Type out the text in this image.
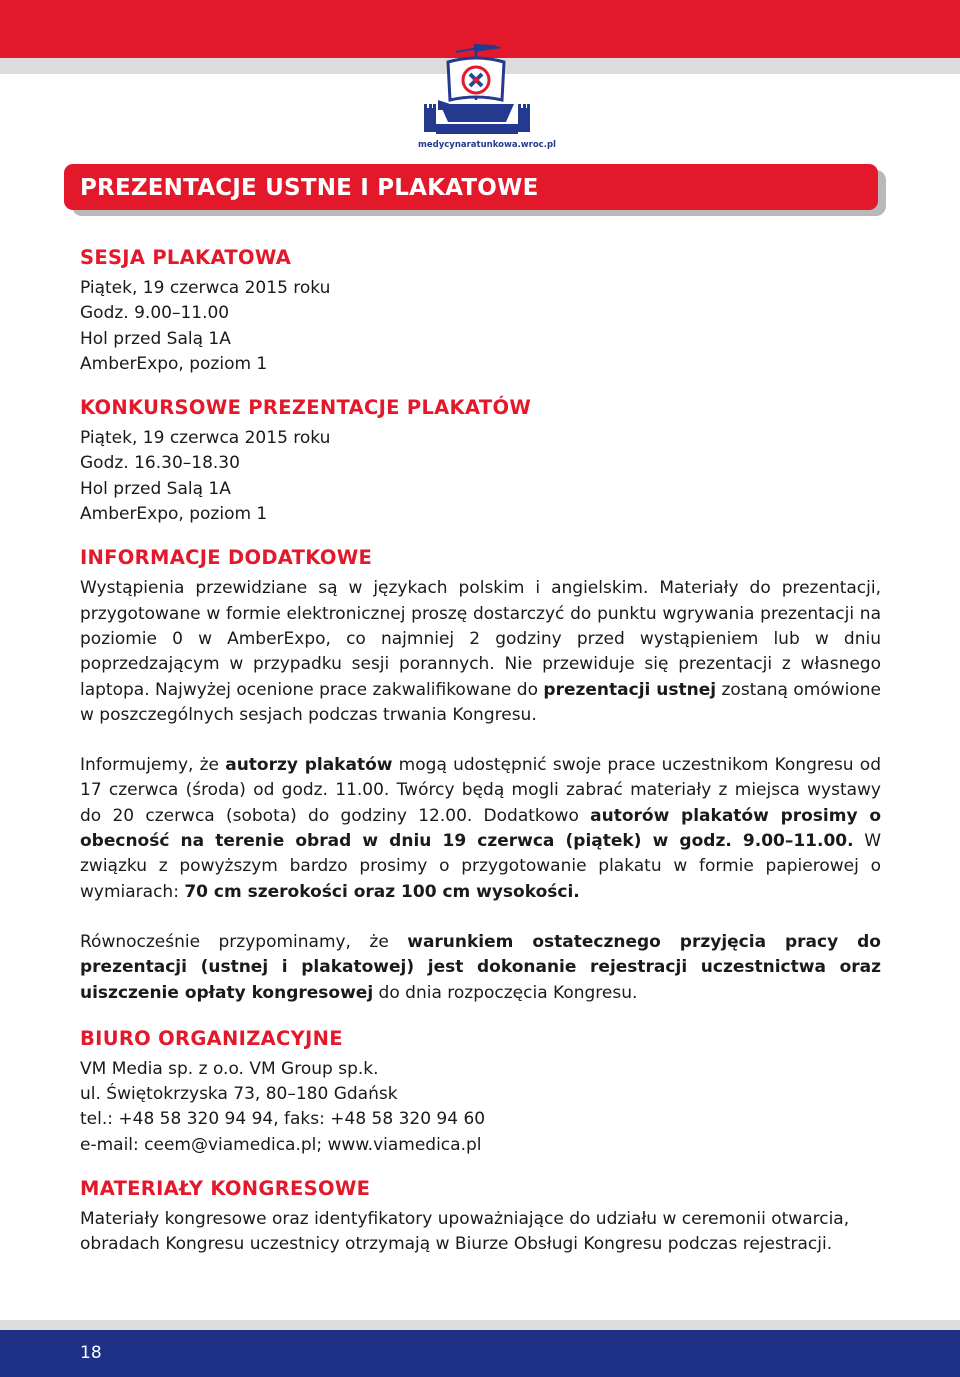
medycynaratunkowa.wroc.pl
PREZENTACJE USTNE I PLAKATOWE
SESJA PLAKATOWA

Piątek, 19 czerwca 2015 roku

Godz. 9.00–11.00

Hol przed Salą 1A

AmberExpo, poziom 1

KONKURSOWE PREZENTACJE PLAKATÓW

Piątek, 19 czerwca 2015 roku

Godz. 16.30–18.30

Hol przed Salą 1A

AmberExpo, poziom 1

INFORMACJE DODATKOWE

Wystąpienia przewidziane są w językach polskim i angielskim. Materiały do prezentacji, przygotowane w formie elektronicznej proszę dostarczyć do punktu wgrywania prezentacji na poziomie 0 w AmberExpo, co najmniej 2 godziny przed wystąpieniem lub w dniu poprzedzającym w przypadku sesji porannych. Nie przewiduje się prezentacji z własnego laptopa. Najwyżej ocenione prace zakwalifikowane do prezentacji ustnej zostaną omówione w poszczególnych sesjach podczas trwania Kongresu.

Informujemy, że autorzy plakatów mogą udostępnić swoje prace uczestnikom Kongresu od 17 czerwca (środa) od godz. 11.00. Twórcy będą mogli zabrać materiały z miejsca wystawy do 20 czerwca (sobota) do godziny 12.00. Dodatkowo autorów plakatów prosimy o obecność na terenie obrad w dniu 19 czerwca (piątek) w godz. 9.00–11.00. W związku z powyższym bardzo prosimy o przygotowanie plakatu w formie papierowej o wymiarach: 70 cm szerokości oraz 100 cm wysokości.

Równocześnie przypominamy, że warunkiem ostatecznego przyjęcia pracy do prezentacji (ustnej i plakatowej) jest dokonanie rejestracji uczestnictwa oraz uiszczenie opłaty kongresowej do dnia rozpoczęcia Kongresu.

BIURO ORGANIZACYJNE

VM Media sp. z o.o. VM Group sp.k.

ul. Świętokrzyska 73, 80–180 Gdańsk

tel.: +48 58 320 94 94, faks: +48 58 320 94 60

e-mail: ceem@viamedica.pl; www.viamedica.pl

MATERIAŁY KONGRESOWE

Materiały kongresowe oraz identyfikatory upoważniające do udziału w ceremonii otwarcia, obradach Kongresu uczestnicy otrzymają w Biurze Obsługi Kongresu podczas rejestracji.

18
